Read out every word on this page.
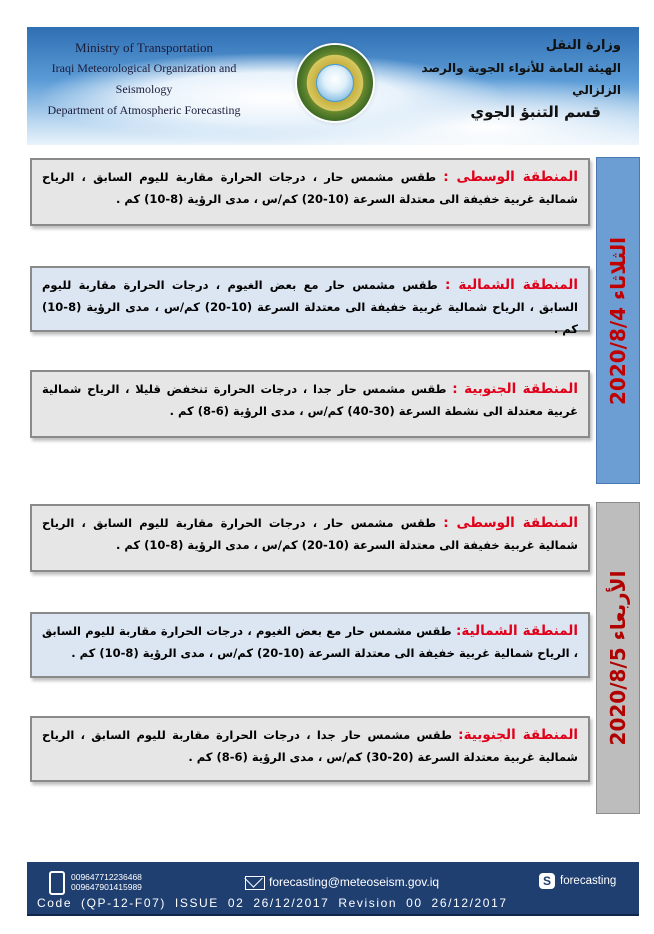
Ministry of Transportation
Iraqi Meteorological Organization and Seismology
Department of Atmospheric Forecasting
وزارة النقل
الهيئة العامة للأنواء الجوية والرصد الزلزالي
قسم التنبؤ الجوي
المنطقة الوسطى : طقس مشمس حار ، درجات الحرارة مقاربة لليوم السابق ، الرياح شمالية غربية خفيفة الى معتدلة السرعة (10-20) كم/س ، مدى الرؤية (8-10) كم .
المنطقة الشمالية : طقس مشمس حار مع بعض الغيوم ، درجات الحرارة مقاربة لليوم السابق ، الرياح شمالية غربية خفيفة الى معتدلة السرعة (10-20) كم/س ، مدى الرؤية (8-10) كم .
المنطقة الجنوبية : طقس مشمس حار جدا ، درجات الحرارة تنخفض قليلا ، الرياح شمالية غربية معتدلة الى نشطة السرعة (30-40) كم/س ، مدى الرؤية (6-8) كم .
الثلاثاء 2020/8/4
المنطقة الوسطى : طقس مشمس حار ، درجات الحرارة مقاربة لليوم السابق ، الرياح شمالية غربية خفيفة الى معتدلة السرعة (10-20) كم/س ، مدى الرؤية (8-10) كم .
المنطقة الشمالية: طقس مشمس حار مع بعض الغيوم ، درجات الحرارة مقاربة لليوم السابق ، الرياح شمالية غربية خفيفة الى معتدلة السرعة (10-20) كم/س ، مدى الرؤية (8-10) كم .
المنطقة الجنوبية: طقس مشمس حار جدا ، درجات الحرارة مقاربة لليوم السابق ، الرياح شمالية غربية معتدلة السرعة (20-30) كم/س ، مدى الرؤية (6-8) كم .
الأربعاء 2020/8/5
009647712236468
009647901415989	forecasting@meteoseism.gov.iq	S forecasting
Code (QP-12-F07) ISSUE 02 26/12/2017 Revision 00 26/12/2017
